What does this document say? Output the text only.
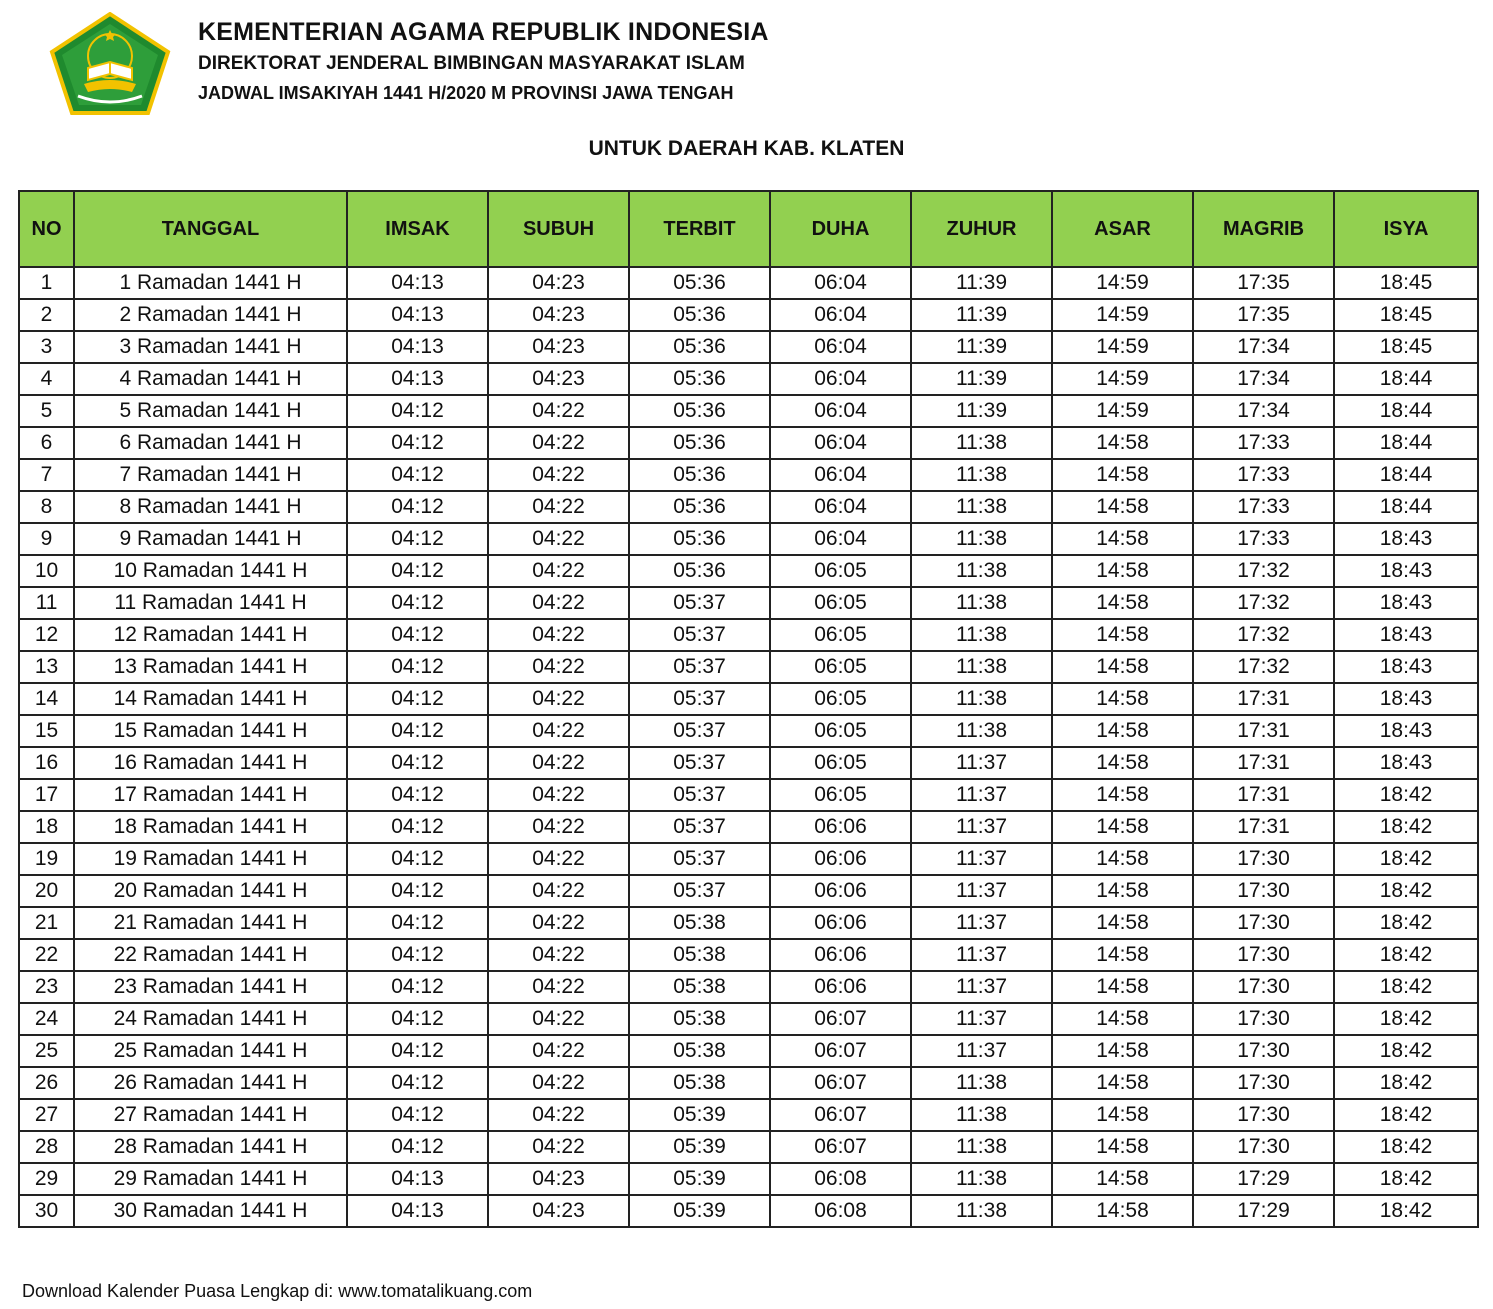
KEMENTERIAN AGAMA REPUBLIK INDONESIA
DIREKTORAT JENDERAL BIMBINGAN MASYARAKAT ISLAM
JADWAL IMSAKIYAH 1441 H/2020 M PROVINSI JAWA TENGAH
UNTUK DAERAH KAB. KLATEN
NO	TANGGAL	IMSAK	SUBUH	TERBIT	DUHA	ZUHUR	ASAR	MAGRIB	ISYA
1	1 Ramadan 1441 H	04:13	04:23	05:36	06:04	11:39	14:59	17:35	18:45
2	2 Ramadan 1441 H	04:13	04:23	05:36	06:04	11:39	14:59	17:35	18:45
3	3 Ramadan 1441 H	04:13	04:23	05:36	06:04	11:39	14:59	17:34	18:45
4	4 Ramadan 1441 H	04:13	04:23	05:36	06:04	11:39	14:59	17:34	18:44
5	5 Ramadan 1441 H	04:12	04:22	05:36	06:04	11:39	14:59	17:34	18:44
6	6 Ramadan 1441 H	04:12	04:22	05:36	06:04	11:38	14:58	17:33	18:44
7	7 Ramadan 1441 H	04:12	04:22	05:36	06:04	11:38	14:58	17:33	18:44
8	8 Ramadan 1441 H	04:12	04:22	05:36	06:04	11:38	14:58	17:33	18:44
9	9 Ramadan 1441 H	04:12	04:22	05:36	06:04	11:38	14:58	17:33	18:43
10	10 Ramadan 1441 H	04:12	04:22	05:36	06:05	11:38	14:58	17:32	18:43
11	11 Ramadan 1441 H	04:12	04:22	05:37	06:05	11:38	14:58	17:32	18:43
12	12 Ramadan 1441 H	04:12	04:22	05:37	06:05	11:38	14:58	17:32	18:43
13	13 Ramadan 1441 H	04:12	04:22	05:37	06:05	11:38	14:58	17:32	18:43
14	14 Ramadan 1441 H	04:12	04:22	05:37	06:05	11:38	14:58	17:31	18:43
15	15 Ramadan 1441 H	04:12	04:22	05:37	06:05	11:38	14:58	17:31	18:43
16	16 Ramadan 1441 H	04:12	04:22	05:37	06:05	11:37	14:58	17:31	18:43
17	17 Ramadan 1441 H	04:12	04:22	05:37	06:05	11:37	14:58	17:31	18:42
18	18 Ramadan 1441 H	04:12	04:22	05:37	06:06	11:37	14:58	17:31	18:42
19	19 Ramadan 1441 H	04:12	04:22	05:37	06:06	11:37	14:58	17:30	18:42
20	20 Ramadan 1441 H	04:12	04:22	05:37	06:06	11:37	14:58	17:30	18:42
21	21 Ramadan 1441 H	04:12	04:22	05:38	06:06	11:37	14:58	17:30	18:42
22	22 Ramadan 1441 H	04:12	04:22	05:38	06:06	11:37	14:58	17:30	18:42
23	23 Ramadan 1441 H	04:12	04:22	05:38	06:06	11:37	14:58	17:30	18:42
24	24 Ramadan 1441 H	04:12	04:22	05:38	06:07	11:37	14:58	17:30	18:42
25	25 Ramadan 1441 H	04:12	04:22	05:38	06:07	11:37	14:58	17:30	18:42
26	26 Ramadan 1441 H	04:12	04:22	05:38	06:07	11:38	14:58	17:30	18:42
27	27 Ramadan 1441 H	04:12	04:22	05:39	06:07	11:38	14:58	17:30	18:42
28	28 Ramadan 1441 H	04:12	04:22	05:39	06:07	11:38	14:58	17:30	18:42
29	29 Ramadan 1441 H	04:13	04:23	05:39	06:08	11:38	14:58	17:29	18:42
30	30 Ramadan 1441 H	04:13	04:23	05:39	06:08	11:38	14:58	17:29	18:42
Download Kalender Puasa Lengkap di: www.tomatalikuang.com
